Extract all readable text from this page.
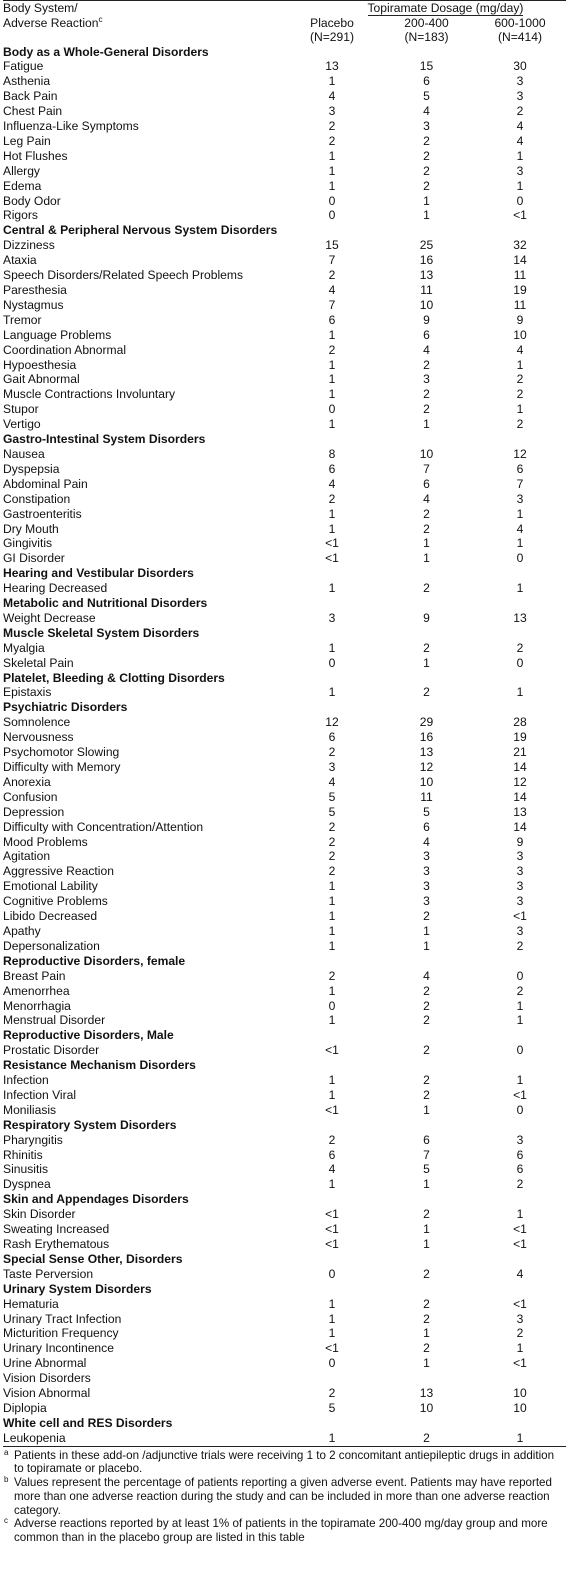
Body System/	Topiramate Dosage (mg/day)		
Adverse Reaction$^c$	Placebo	200-400	600-1000

	(N=291)	(N=183)	(N=414)
Body as a Whole-General Disorders			
Fatigue	13	15	30
Asthenia	1	6	3
Back Pain	4	5	3
Chest Pain	3	4	2
Influenza-Like Symptoms	2	3	4
Leg Pain	2	2	4
Hot Flushes	1	2	1
Allergy	1	2	3
Edema	1	2	1
Body Odor	0	1	0
Rigors	0	1	<1
Central & Peripheral Nervous System Disorders			
Dizziness	15	25	32
Ataxia	7	16	14
Speech Disorders/Related Speech Problems	2	13	11
Paresthesia	4	11	19
Nystagmus	7	10	11
Tremor	6	9	9
Language Problems	1	6	10
Coordination Abnormal	2	4	4
Hypoesthesia	1	2	1
Gait Abnormal	1	3	2
Muscle Contractions Involuntary	1	2	2
Stupor	0	2	1
Vertigo	1	1	2
Gastro-Intestinal System Disorders			
Nausea	8	10	12
Dyspepsia	6	7	6
Abdominal Pain	4	6	7
Constipation	2	4	3
Gastroenteritis	1	2	1
Dry Mouth	1	2	4
Gingivitis	<1	1	1
GI Disorder	<1	1	0
Hearing and Vestibular Disorders			
Hearing Decreased	1	2	1
Metabolic and Nutritional Disorders			
Weight Decrease	3	9	13
Muscle Skeletal System Disorders			
Myalgia	1	2	2
Skeletal Pain	0	1	0
Platelet, Bleeding & Clotting Disorders			
Epistaxis	1	2	1
Psychiatric Disorders			
Somnolence	12	29	28
Nervousness	6	16	19
Psychomotor Slowing	2	13	21
Difficulty with Memory	3	12	14
Anorexia	4	10	12
Confusion	5	11	14
Depression	5	5	13
Difficulty with Concentration/Attention	2	6	14
Mood Problems	2	4	9
Agitation	2	3	3
Aggressive Reaction	2	3	3
Emotional Lability	1	3	3
Cognitive Problems	1	3	3
Libido Decreased	1	2	<1
Apathy	1	1	3
Depersonalization	1	1	2
Reproductive Disorders, female			
Breast Pain	2	4	0
Amenorrhea	1	2	2
Menorrhagia	0	2	1
Menstrual Disorder	1	2	1
Reproductive Disorders, Male			
Prostatic Disorder	<1	2	0
Resistance Mechanism Disorders			
Infection	1	2	1
Infection Viral	1	2	<1
Moniliasis	<1	1	0
Respiratory System Disorders			
Pharyngitis	2	6	3
Rhinitis	6	7	6
Sinusitis	4	5	6
Dyspnea	1	1	2
Skin and Appendages Disorders			
Skin Disorder	<1	2	1
Sweating Increased	<1	1	<1
Rash Erythematous	<1	1	<1
Special Sense Other, Disorders			
Taste Perversion	0	2	4
Urinary System Disorders			
Hematuria	1	2	<1
Urinary Tract Infection	1	2	3
Micturition Frequency	1	1	2
Urinary Incontinence	<1	2	1
Urine Abnormal	0	1	<1
Vision Disorders			
Vision Abnormal	2	13	10
Diplopia	5	10	10
White cell and RES Disorders			
Leukopenia	1	2	1
a Patients in these add-on /adjunctive trials were receiving 1 to 2 concomitant antiepileptic drugs in addition to topiramate or placebo.
b Values represent the percentage of patients reporting a given adverse event. Patients may have reported more than one adverse reaction during the study and can be included in more than one adverse reaction category.
c Adverse reactions reported by at least 1% of patients in the topiramate 200-400 mg/day group and more common than in the placebo group are listed in this table
